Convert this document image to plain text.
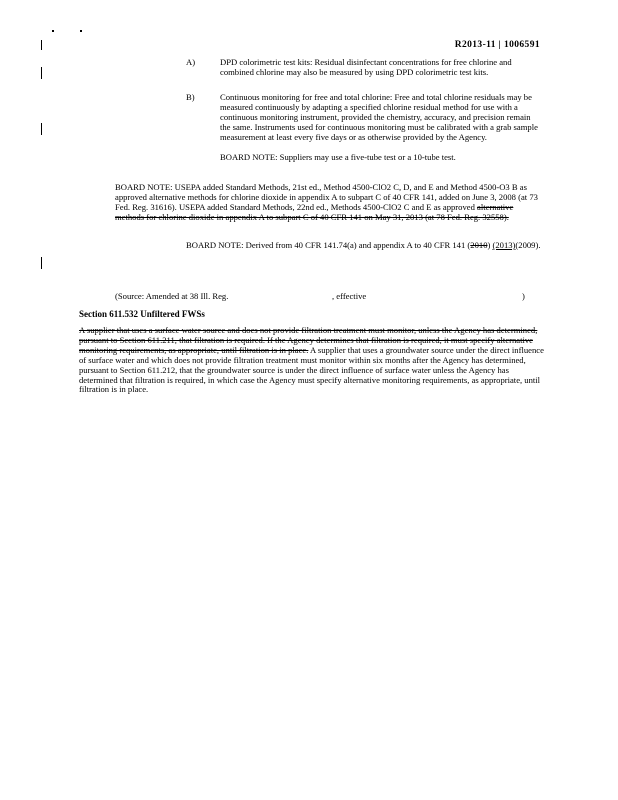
R2013-11 | 1006591
A)	DPD colorimetric test kits: Residual disinfectant concentrations for free chlorine and combined chlorine may also be measured by using DPD colorimetric test kits.
B)	Continuous monitoring for free and total chlorine: Free and total chlorine residuals may be measured continuously by adapting a specified chlorine residual method for use with a continuous monitoring instrument, provided the chemistry, accuracy, and precision remain the same. Instruments used for continuous monitoring must be calibrated with a grab sample measurement at least every five days or as otherwise provided by the Agency.
BOARD NOTE: Suppliers may use a five-tube test or a 10-tube test.
BOARD NOTE: USEPA added Standard Methods, 21st ed., Method 4500-ClO2 C, D, and E and Method 4500-O3 B as approved alternative methods for chlorine dioxide in appendix A to subpart C of 40 CFR 141, added on June 3, 2008 (at 73 Fed. Reg. 31616). USEPA added Standard Methods, 22nd ed., Methods 4500-ClO2 C and E as approved alternative methods for chlorine dioxide in appendix A to subpart C of 40 CFR 141 on May 31, 2013 (at 78 Fed. Reg. 32558).
BOARD NOTE: Derived from 40 CFR 141.74(a) and appendix A to 40 CFR 141 (2010) (2013)(2009).
(Source: Amended at 38 Ill. Reg.	, effective	)
Section 611.532 Unfiltered FWSs
A supplier that uses a surface water source and does not provide filtration treatment must monitor, unless the Agency has determined, pursuant to Section 611.211, that filtration is required. If the Agency determines that filtration is required, it must specify alternative monitoring requirements, as appropriate, until filtration is in place. A supplier that uses a groundwater source under the direct influence of surface water and which does not provide filtration treatment must monitor within six months after the Agency has determined, pursuant to Section 611.212, that the groundwater source is under the direct influence of surface water unless the Agency has determined that filtration is required, in which case the Agency must specify alternative monitoring requirements, as appropriate, until filtration is in place.
